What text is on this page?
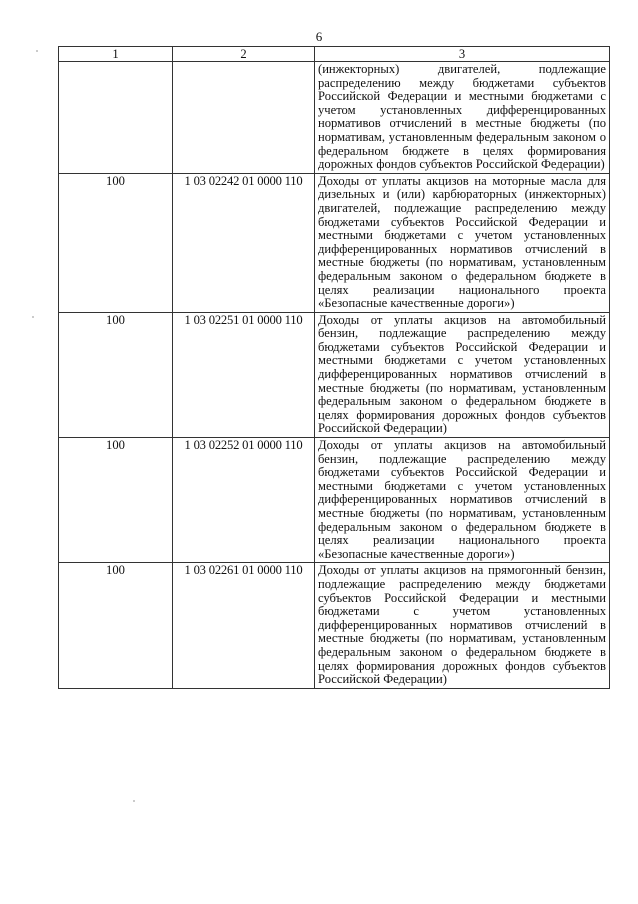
6
1	2	3
		(инжекторных) двигателей, подлежащие распределению между бюджетами субъектов Российской Федерации и местными бюджетами с учетом установленных дифференцированных нормативов отчислений в местные бюджеты (по нормативам, установленным федеральным законом о федеральном бюджете в целях формирования дорожных фондов субъектов Российской Федерации)
100	1 03 02242 01 0000 110	Доходы от уплаты акцизов на моторные масла для дизельных и (или) карбюраторных (инжекторных) двигателей, подлежащие распределению между бюджетами субъектов Российской Федерации и местными бюджетами с учетом установленных дифференцированных нормативов отчислений в местные бюджеты (по нормативам, установленным федеральным законом о федеральном бюджете в целях реализации национального проекта «Безопасные качественные дороги»)
100	1 03 02251 01 0000 110	Доходы от уплаты акцизов на автомобильный бензин, подлежащие распределению между бюджетами субъектов Российской Федерации и местными бюджетами с учетом установленных дифференцированных нормативов отчислений в местные бюджеты (по нормативам, установленным федеральным законом о федеральном бюджете в целях формирования дорожных фондов субъектов Российской Федерации)
100	1 03 02252 01 0000 110	Доходы от уплаты акцизов на автомобильный бензин, подлежащие распределению между бюджетами субъектов Российской Федерации и местными бюджетами с учетом установленных дифференцированных нормативов отчислений в местные бюджеты (по нормативам, установленным федеральным законом о федеральном бюджете в целях реализации национального проекта «Безопасные качественные дороги»)
100	1 03 02261 01 0000 110	Доходы от уплаты акцизов на прямогонный бензин, подлежащие распределению между бюджетами субъектов Российской Федерации и местными бюджетами с учетом установленных дифференцированных нормативов отчислений в местные бюджеты (по нормативам, установленным федеральным законом о федеральном бюджете в целях формирования дорожных фондов субъектов Российской Федерации)
